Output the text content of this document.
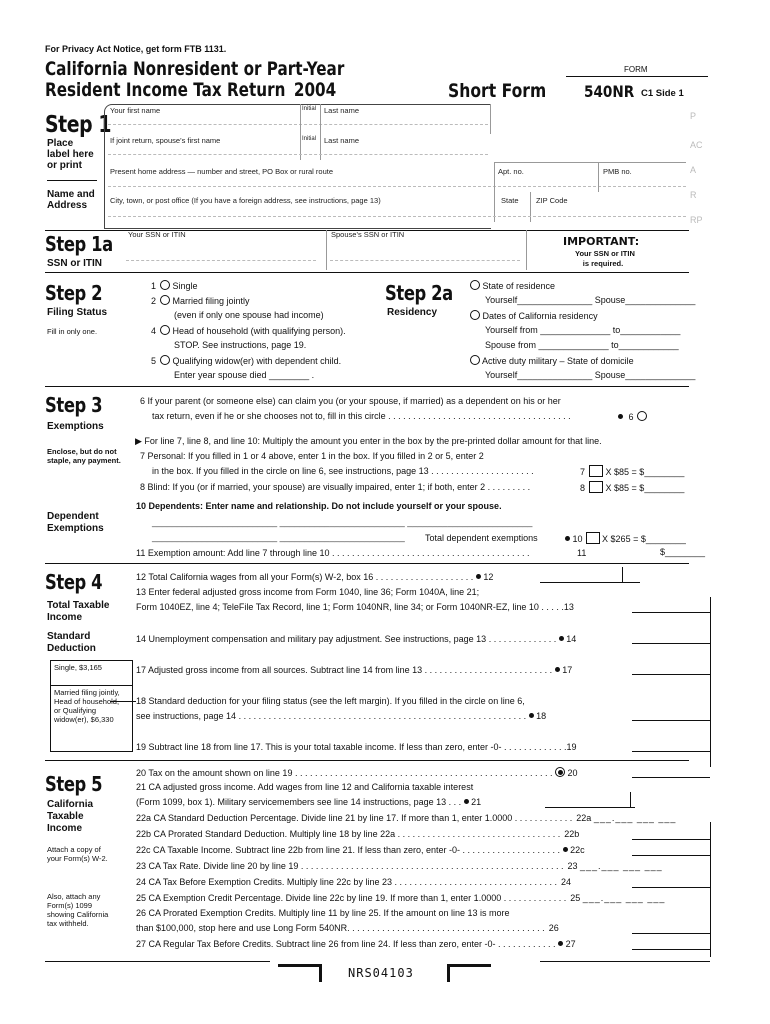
For Privacy Act Notice, get form FTB 1131.
California Nonresident or Part-Year
Resident Income Tax Return 2004	Short Form
FORM
540NR C1 Side 1
Step 1
Place label here or print
Name and Address
Your first name	Initial Last name
If joint return, spouse’s first name	Initial Last name
Present home address — number and street, PO Box or rural route	Apt. no.	PMB no.
City, town, or post office (If you have a foreign address, see instructions, page 13)	State ZIP Code
P
AC
A
R
RP
Step 1a
SSN or ITIN
Your SSN or ITIN	Spouse’s SSN or ITIN
IMPORTANT:
Your SSN or ITIN
is required.
Step 2
Filing Status
Fill in only one.
1 Single
2 Married filing jointly
(even if only one spouse had income)
4 Head of household (with qualifying person).
STOP. See instructions, page 19.
5 Qualifying widow(er) with dependent child.
Enter year spouse died ________ .
Step 2a
Residency
State of residence
Yourself_______________ Spouse______________
Dates of California residency
Yourself from ______________ to____________
Spouse from ______________ to____________
Active duty military – State of domicile
Yourself_______________ Spouse______________
Step 3
Exemptions
Enclose, but do not staple, any payment.
Dependent Exemptions
6 If your parent (or someone else) can claim you (or your spouse, if married) as a dependent on his or her
tax return, even if he or she chooses not to, fill in this circle . . . . . . . . . . . . . . . . . . . . . . . . . . . . . . . . . . . . .	6
▶ For line 7, line 8, and line 10: Multiply the amount you enter in the box by the pre-printed dollar amount for that line.
7 Personal: If you filled in 1 or 4 above, enter 1 in the box. If you filled in 2 or 5, enter 2
in the box. If you filled in the circle on line 6, see instructions, page 13 . . . . . . . . . . . . . . . . . . . . .	7 X $85 = $________
8 Blind: If you (or if married, your spouse) are visually impaired, enter 1; if both, enter 2 . . . . . . . . .	8 X $85 = $________
10 Dependents: Enter name and relationship. Do not include yourself or your spouse.
_________________________ _________________________ _________________________
_________________________ _________________________ Total dependent exemptions	10 X $265 = $________
11 Exemption amount: Add line 7 through line 10 . . . . . . . . . . . . . . . . . . . . . . . . . . . . . . . . . . . . . . . .	11	$________
Step 4
Total Taxable Income
Standard Deduction
Single, $3,165
Married filing jointly, Head of household, or Qualifying widow(er), $6,330
12 Total California wages from all your Form(s) W-2, box 16 . . . . . . . . . . . . . . . . . . . . 12
13 Enter federal adjusted gross income from Form 1040, line 36; Form 1040A, line 21;
Form 1040EZ, line 4; TeleFile Tax Record, line 1; Form 1040NR, line 34; or Form 1040NR-EZ, line 10 . . . . .13
14 Unemployment compensation and military pay adjustment. See instructions, page 13 . . . . . . . . . . . . . . 14
17 Adjusted gross income from all sources. Subtract line 14 from line 13 . . . . . . . . . . . . . . . . . . . . . . . . . . 17
18 Standard deduction for your filing status (see the left margin). If you filled in the circle on line 6,
see instructions, page 14 . . . . . . . . . . . . . . . . . . . . . . . . . . . . . . . . . . . . . . . . . . . . . . . . . . . . . . . . . . 18
19 Subtract line 18 from line 17. This is your total taxable income. If less than zero, enter -0- . . . . . . . . . . . . .19
Step 5
California Taxable Income
Attach a copy of your Form(s) W-2.
Also, attach any Form(s) 1099 showing California tax withheld.
20 Tax on the amount shown on line 19 . . . . . . . . . . . . . . . . . . . . . . . . . . . . . . . . . . . . . . . . . . . . . . . . . . . . 20
21 CA adjusted gross income. Add wages from line 12 and California taxable interest
(Form 1099, box 1). Military servicemembers see line 14 instructions, page 13 . . . 21
22a CA Standard Deduction Percentage. Divide line 21 by line 17. If more than 1, enter 1.0000 . . . . . . . . . . . . 22a ___.___ ___ ___
22b CA Prorated Standard Deduction. Multiply line 18 by line 22a . . . . . . . . . . . . . . . . . . . . . . . . . . . . . . . . . 22b
22c CA Taxable Income. Subtract line 22b from line 21. If less than zero, enter -0- . . . . . . . . . . . . . . . . . . . . 22c
23 CA Tax Rate. Divide line 20 by line 19 . . . . . . . . . . . . . . . . . . . . . . . . . . . . . . . . . . . . . . . . . . . . . . . . . . . . . 23 ___.___ ___ ___
24 CA Tax Before Exemption Credits. Multiply line 22c by line 23 . . . . . . . . . . . . . . . . . . . . . . . . . . . . . . . . . 24
25 CA Exemption Credit Percentage. Divide line 22c by line 19. If more than 1, enter 1.0000 . . . . . . . . . . . . . 25 ___.___ ___ ___
26 CA Prorated Exemption Credits. Multiply line 11 by line 25. If the amount on line 13 is more
than $100,000, stop here and use Long Form 540NR. . . . . . . . . . . . . . . . . . . . . . . . . . . . . . . . . . . . . . . . 26
27 CA Regular Tax Before Credits. Subtract line 26 from line 24. If less than zero, enter -0- . . . . . . . . . . . . 27
NRS04103
